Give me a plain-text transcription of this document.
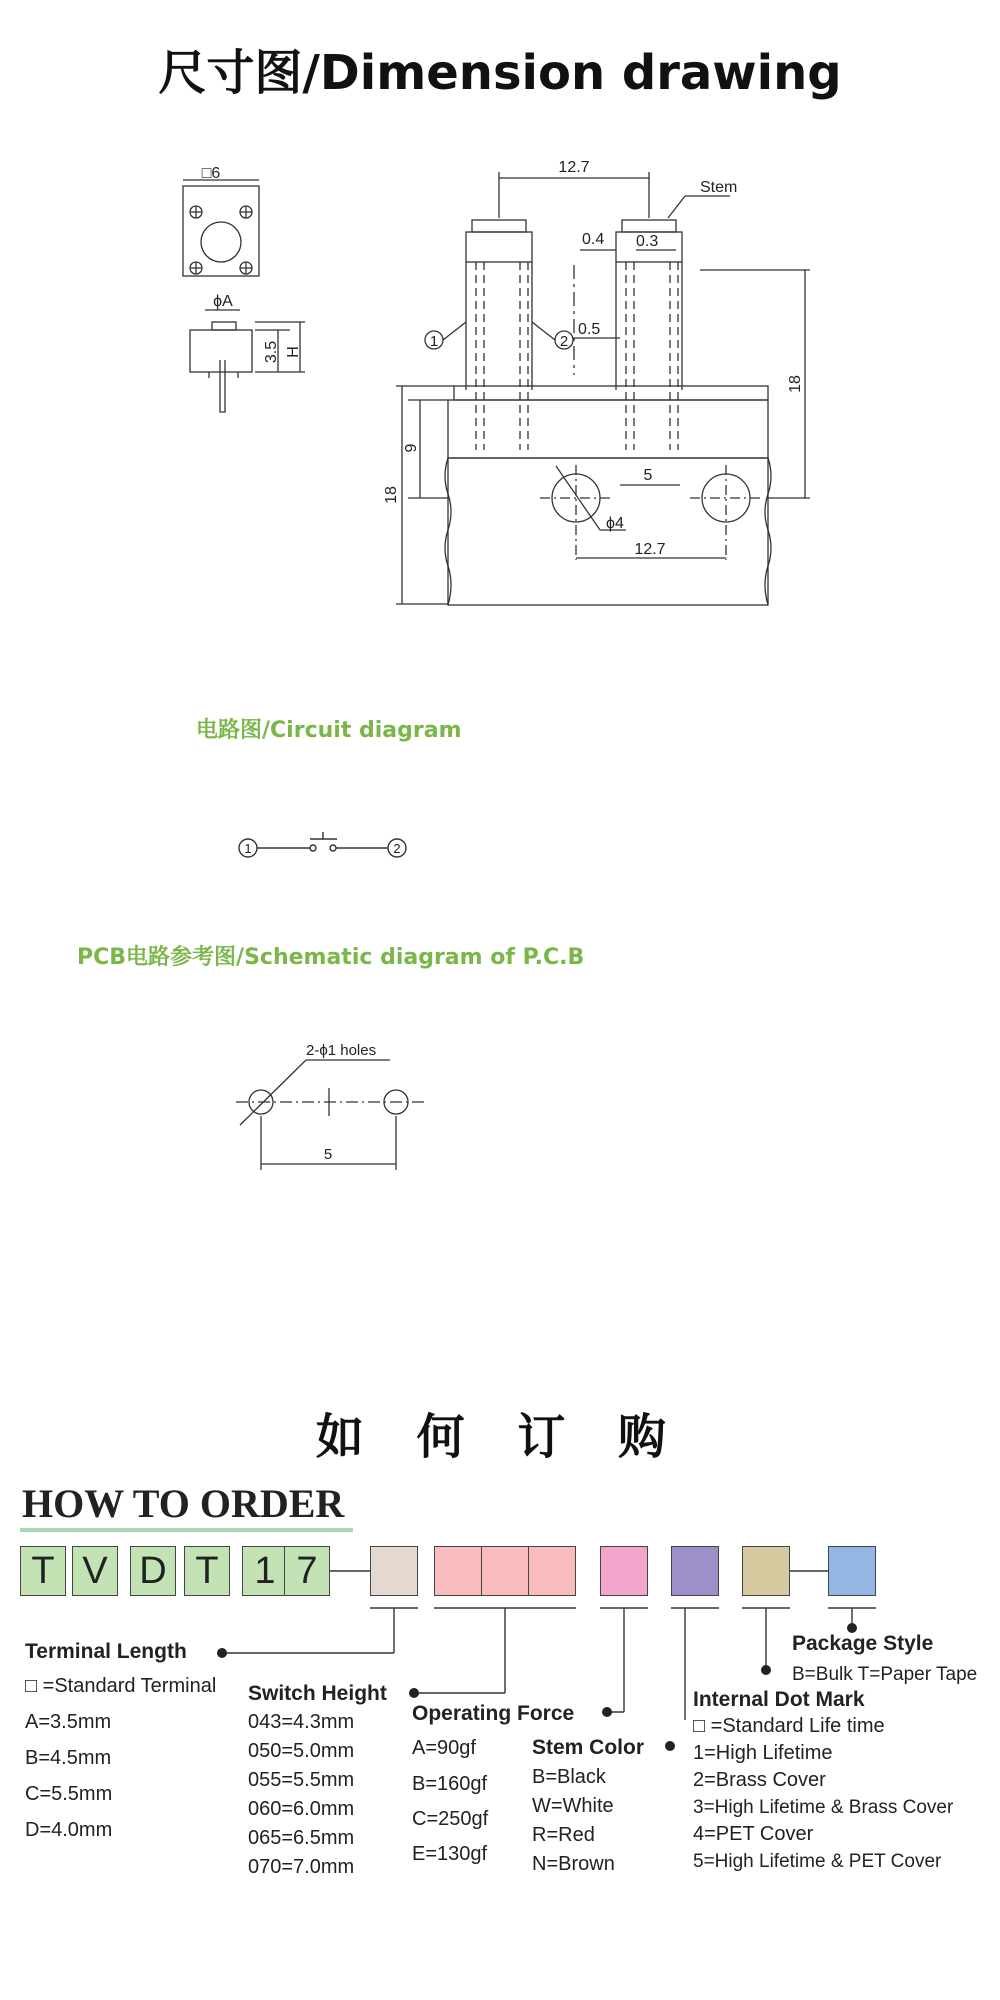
尺寸图/Dimension drawing
□6
ϕA
3.5 H
12.7
Stem
0.4 0.3
0.5
1	2
18
9
18
5
ϕ4
12.7
电路图/Circuit diagram
1	2
PCB电路参考图/Schematic diagram of P.C.B
2-ϕ1 holes
5
如 何 订 购
HOW TO ORDER
T V D T 1 7
Terminal Length
□ =Standard Terminal
A=3.5mm
B=4.5mm
C=5.5mm
D=4.0mm
Switch Height
043=4.3mm
050=5.0mm
055=5.5mm
060=6.0mm
065=6.5mm
070=7.0mm
Operating Force
A=90gf
B=160gf
C=250gf
E=130gf
Stem Color
B=Black
W=White
R=Red
N=Brown
Internal Dot Mark
□ =Standard Life time
1=High Lifetime
2=Brass Cover
3=High Lifetime & Brass Cover
4=PET Cover
5=High Lifetime & PET Cover
Package Style
B=Bulk T=Paper Tape
